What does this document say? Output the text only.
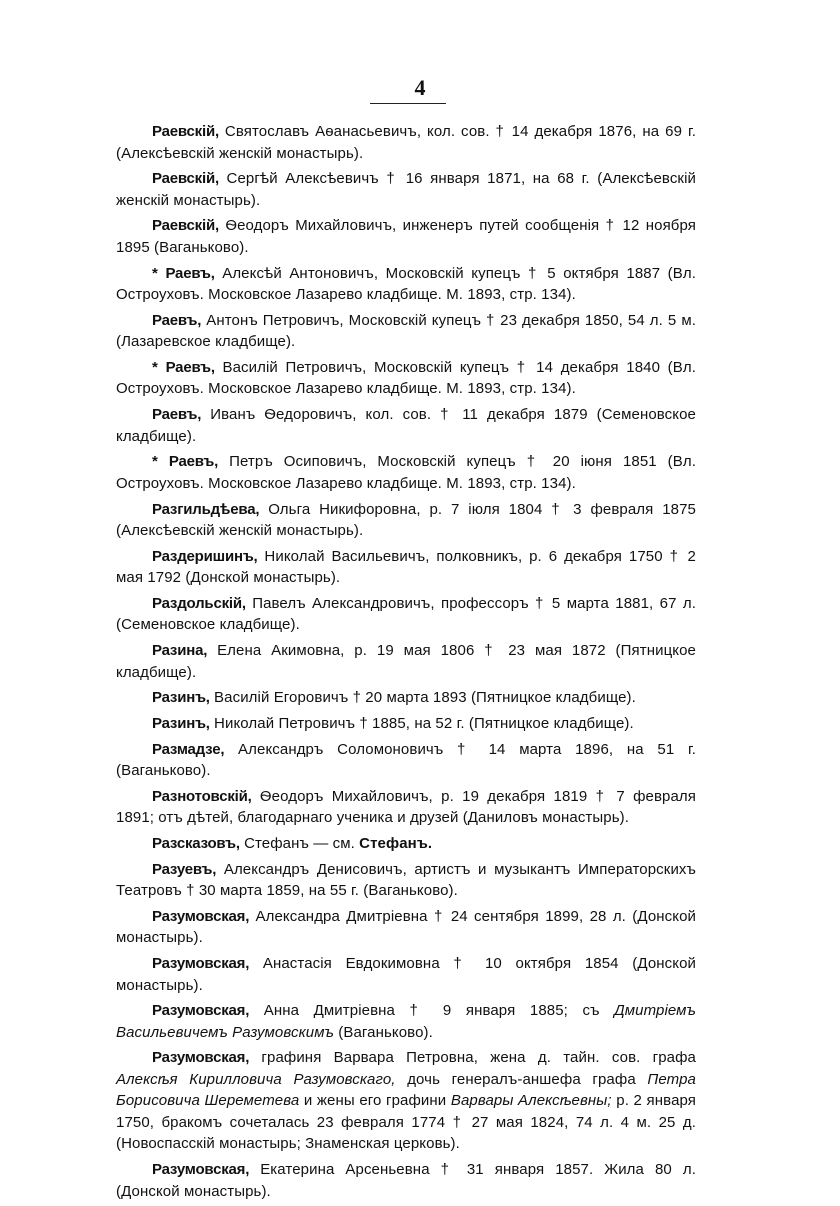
4

Раевскій, Святославъ Аѳанасьевичъ, кол. сов. † 14 декабря 1876, на 69 г. (Алексѣевскій женскій монастырь).

Раевскій, Сергѣй Алексѣевичъ † 16 января 1871, на 68 г. (Алексѣевскій женскій монастырь).

Раевскій, Ѳеодоръ Михайловичъ, инженеръ путей сообщенія † 12 ноября 1895 (Ваганьково).

* Раевъ, Алексѣй Антоновичъ, Московскій купецъ † 5 октября 1887 (Вл. Остроуховъ. Московское Лазарево кладбище. М. 1893, стр. 134).

Раевъ, Антонъ Петровичъ, Московскій купецъ † 23 декабря 1850, 54 л. 5 м. (Лазаревское кладбище).

* Раевъ, Василій Петровичъ, Московскій купецъ † 14 декабря 1840 (Вл. Остроуховъ. Московское Лазарево кладбище. М. 1893, стр. 134).

Раевъ, Иванъ Ѳедоровичъ, кол. сов. † 11 декабря 1879 (Семеновское кладбище).

* Раевъ, Петръ Осиповичъ, Московскій купецъ † 20 іюня 1851 (Вл. Остроуховъ. Московское Лазарево кладбище. М. 1893, стр. 134).

Разгильдѣева, Ольга Никифоровна, р. 7 іюля 1804 † 3 февраля 1875 (Алексѣевскій женскій монастырь).

Раздеришинъ, Николай Васильевичъ, полковникъ, р. 6 декабря 1750 † 2 мая 1792 (Донской монастырь).

Раздольскій, Павелъ Александровичъ, профессоръ † 5 марта 1881, 67 л. (Семеновское кладбище).

Разина, Елена Акимовна, р. 19 мая 1806 † 23 мая 1872 (Пятницкое кладбище).

Разинъ, Василій Егоровичъ † 20 марта 1893 (Пятницкое кладбище).

Разинъ, Николай Петровичъ † 1885, на 52 г. (Пятницкое кладбище).

Размадзе, Александръ Соломоновичъ † 14 марта 1896, на 51 г. (Ваганьково).

Разнотовскій, Ѳеодоръ Михайловичъ, р. 19 декабря 1819 † 7 февраля 1891; отъ дѣтей, благодарнаго ученика и друзей (Даниловъ монастырь).

Разсказовъ, Стефанъ — см. Стефанъ.

Разуевъ, Александръ Денисовичъ, артистъ и музыкантъ Императорскихъ Театровъ † 30 марта 1859, на 55 г. (Ваганьково).

Разумовская, Александра Дмитріевна † 24 сентября 1899, 28 л. (Донской монастырь).

Разумовская, Анастасія Евдокимовна † 10 октября 1854 (Донской монастырь).

Разумовская, Анна Дмитріевна † 9 января 1885; съ Дмитріемъ Васильевичемъ Разумовскимъ (Ваганьково).

Разумовская, графиня Варвара Петровна, жена д. тайн. сов. графа Алексѣя Кирилловича Разумовскаго, дочь генералъ-аншефа графа Петра Борисовича Шереметева и жены его графини Варвары Алексѣевны; р. 2 января 1750, бракомъ сочеталась 23 февраля 1774 † 27 мая 1824, 74 л. 4 м. 25 д. (Новоспасскій монастырь; Знаменская церковь).

Разумовская, Екатерина Арсеньевна † 31 января 1857. Жила 80 л. (Донской монастырь).
